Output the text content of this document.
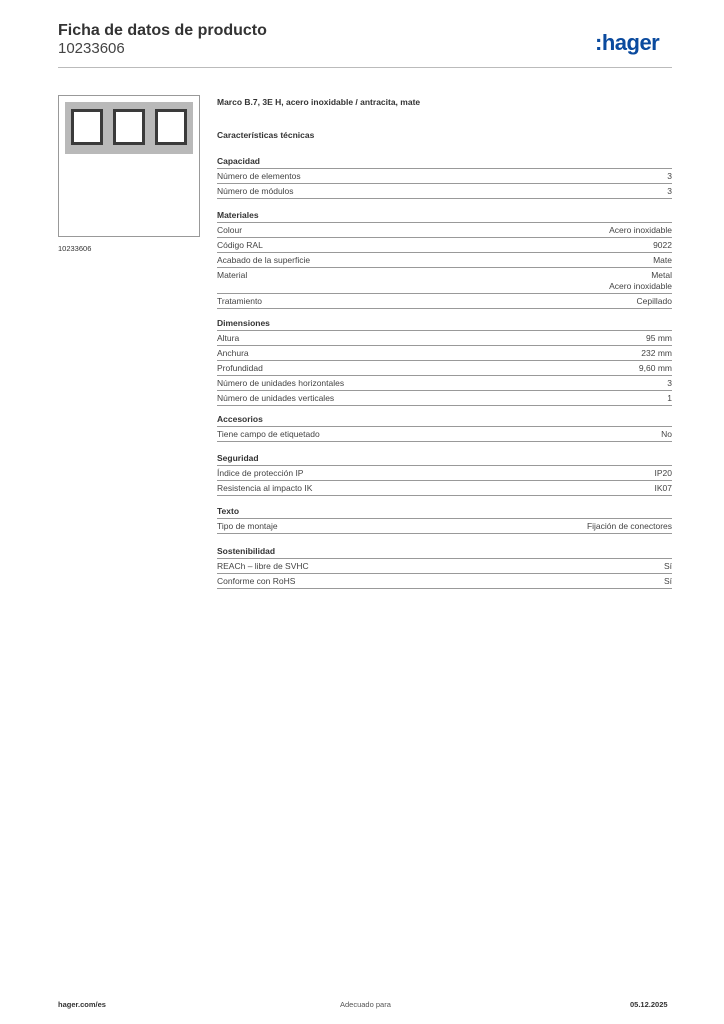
Ficha de datos de producto
10233606	:hager
10233606
Marco B.7, 3E H, acero inoxidable / antracita, mate
Características técnicas
Capacidad
Número de elementos	3
Número de módulos	3
Materiales
Colour	Acero inoxidable
Código RAL	9022
Acabado de la superficie	Mate
Material	Metal
Acero inoxidable
Tratamiento	Cepillado
Dimensiones
Altura	95 mm
Anchura	232 mm
Profundidad	9,60 mm
Número de unidades horizontales	3
Número de unidades verticales	1
Accesorios
Tiene campo de etiquetado	No
Seguridad
Índice de protección IP	IP20
Resistencia al impacto IK	IK07
Texto
Tipo de montaje	Fijación de conectores
Sostenibilidad
REACh – libre de SVHC	Sí
Conforme con RoHS	Sí
hager.com/es	Adecuado para	05.12.2025
